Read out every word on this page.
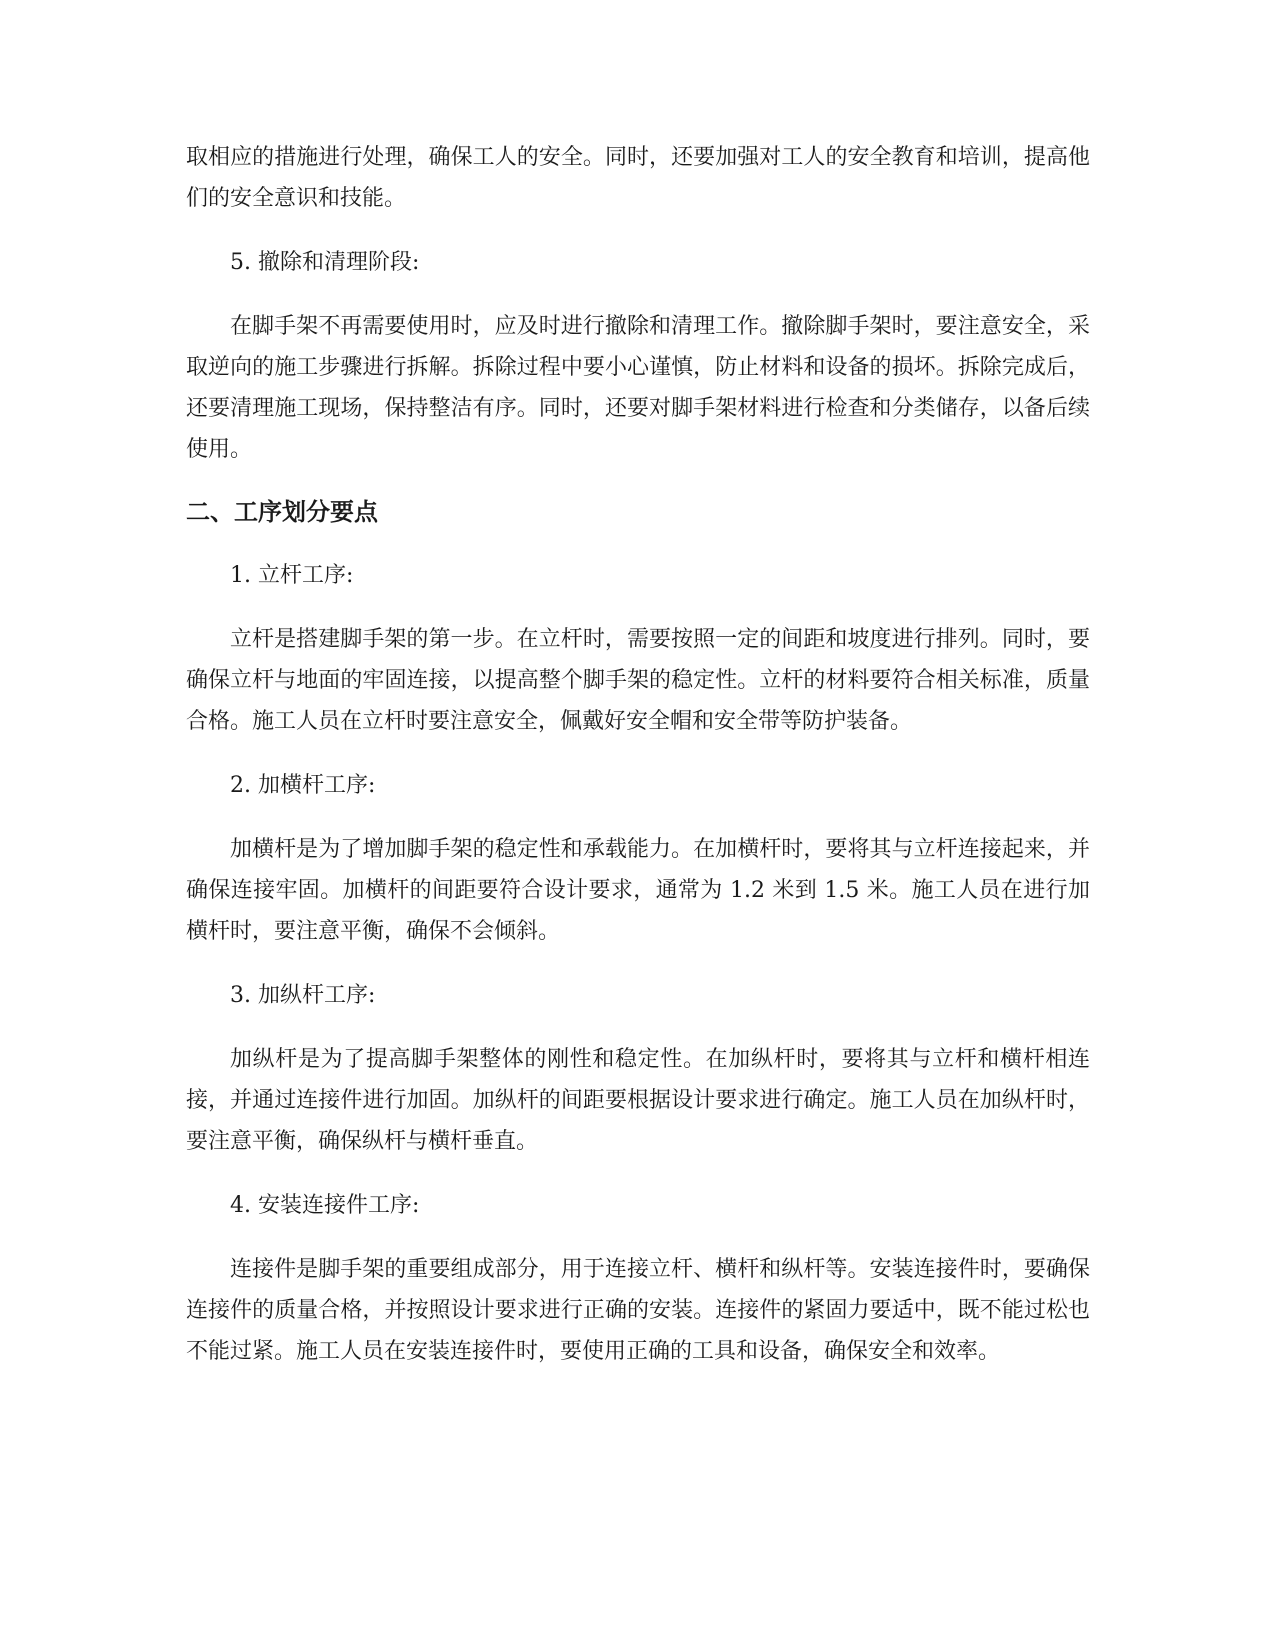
取相应的措施进行处理，确保工人的安全。同时，还要加强对工人的安全教育和培训，提高他们的安全意识和技能。

5. 撤除和清理阶段:

在脚手架不再需要使用时，应及时进行撤除和清理工作。撤除脚手架时，要注意安全，采取逆向的施工步骤进行拆解。拆除过程中要小心谨慎，防止材料和设备的损坏。拆除完成后，还要清理施工现场，保持整洁有序。同时，还要对脚手架材料进行检查和分类储存，以备后续使用。

二、工序划分要点

1. 立杆工序:

立杆是搭建脚手架的第一步。在立杆时，需要按照一定的间距和坡度进行排列。同时，要确保立杆与地面的牢固连接，以提高整个脚手架的稳定性。立杆的材料要符合相关标准，质量合格。施工人员在立杆时要注意安全，佩戴好安全帽和安全带等防护装备。

2. 加横杆工序:

加横杆是为了增加脚手架的稳定性和承载能力。在加横杆时，要将其与立杆连接起来，并确保连接牢固。加横杆的间距要符合设计要求，通常为 1.2 米到 1.5 米。施工人员在进行加横杆时，要注意平衡，确保不会倾斜。

3. 加纵杆工序:

加纵杆是为了提高脚手架整体的刚性和稳定性。在加纵杆时，要将其与立杆和横杆相连接，并通过连接件进行加固。加纵杆的间距要根据设计要求进行确定。施工人员在加纵杆时，要注意平衡，确保纵杆与横杆垂直。

4. 安装连接件工序:

连接件是脚手架的重要组成部分，用于连接立杆、横杆和纵杆等。安装连接件时，要确保连接件的质量合格，并按照设计要求进行正确的安装。连接件的紧固力要适中，既不能过松也不能过紧。施工人员在安装连接件时，要使用正确的工具和设备，确保安全和效率。
